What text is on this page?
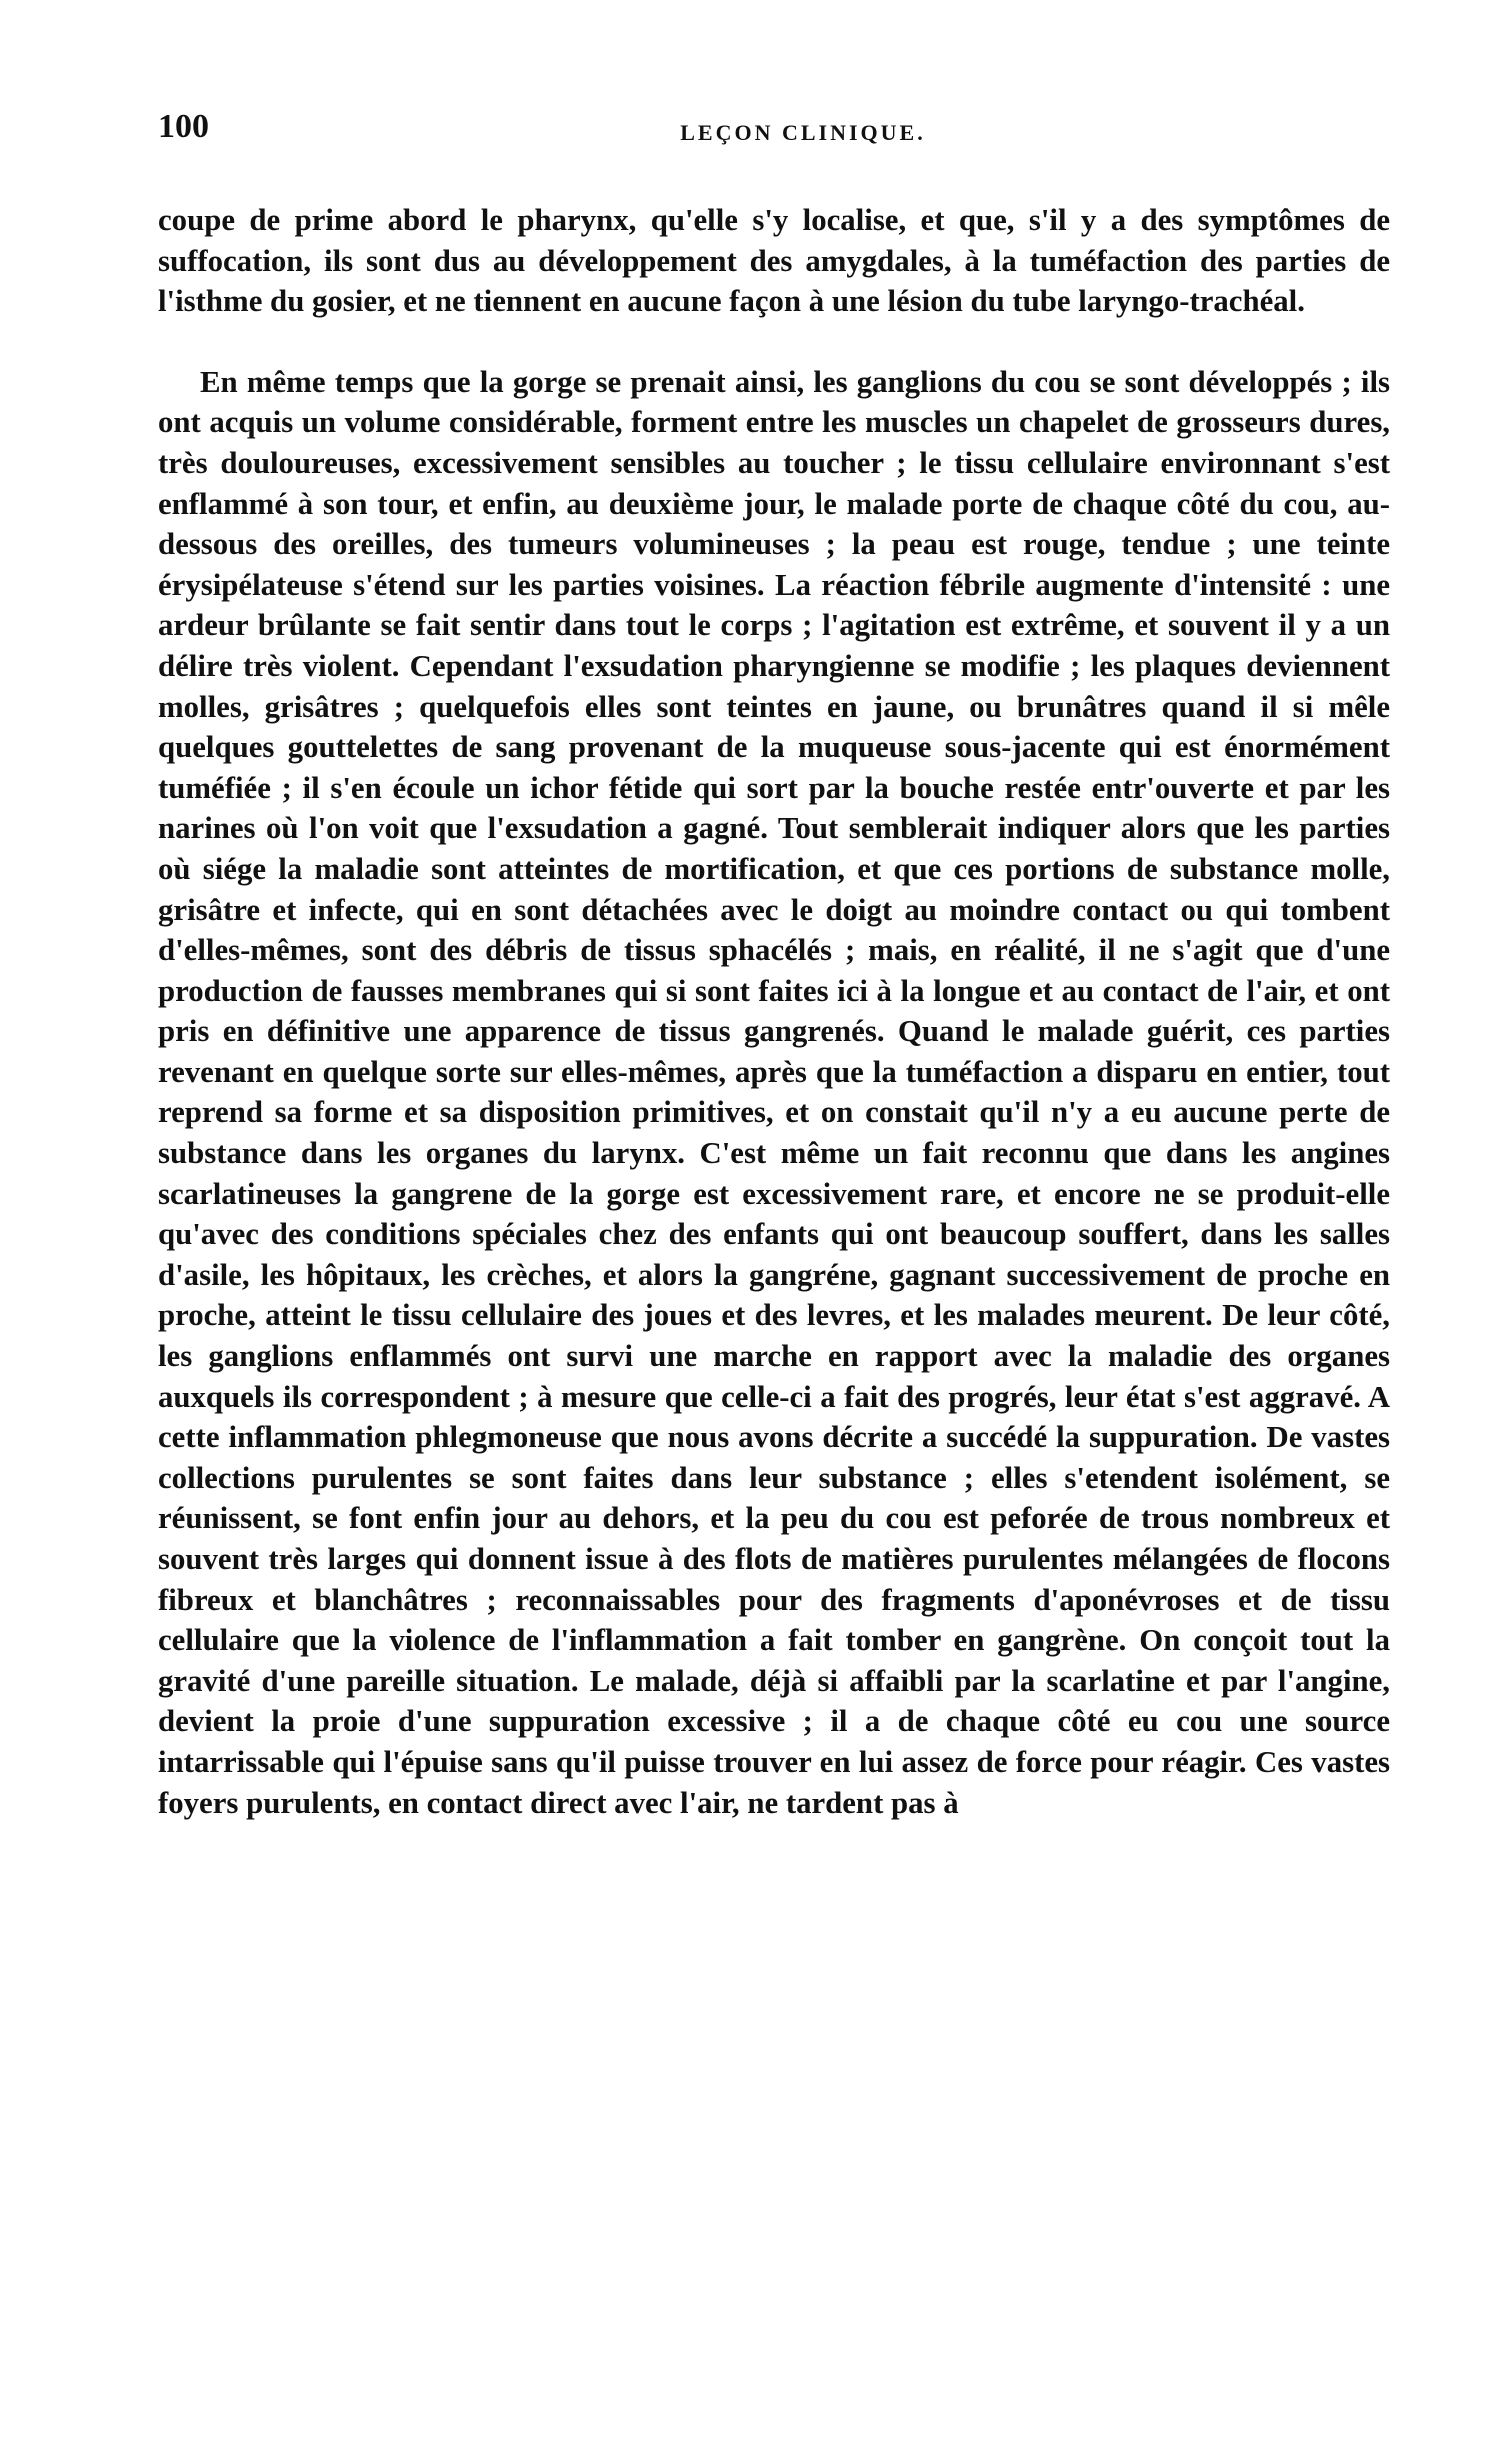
100	LEÇON CLINIQUE.

coupe de prime abord le pharynx, qu'elle s'y localise, et que, s'il y a des symptômes de suffocation, ils sont dus au développement des amygdales, à la tuméfaction des parties de l'isthme du gosier, et ne tiennent en aucune façon à une lésion du tube laryngo-trachéal.

En même temps que la gorge se prenait ainsi, les ganglions du cou se sont développés ; ils ont acquis un volume considérable, forment entre les muscles un chapelet de grosseurs dures, très douloureuses, excessivement sensibles au toucher ; le tissu cellulaire environnant s'est enflammé à son tour, et enfin, au deuxième jour, le malade porte de chaque côté du cou, au-dessous des oreilles, des tumeurs volumineuses ; la peau est rouge, tendue ; une teinte érysipélateuse s'étend sur les parties voisines. La réaction fébrile augmente d'intensité : une ardeur brûlante se fait sentir dans tout le corps ; l'agitation est extrême, et souvent il y a un délire très violent. Cependant l'exsudation pharyngienne se modifie ; les plaques deviennent molles, grisâtres ; quelquefois elles sont teintes en jaune, ou brunâtres quand il si mêle quelques gouttelettes de sang provenant de la muqueuse sous-jacente qui est énormément tuméfiée ; il s'en écoule un ichor fétide qui sort par la bouche restée entr'ouverte et par les narines où l'on voit que l'exsudation a gagné. Tout semblerait indiquer alors que les parties où siége la maladie sont atteintes de mortification, et que ces portions de substance molle, grisâtre et infecte, qui en sont détachées avec le doigt au moindre contact ou qui tombent d'elles-mêmes, sont des débris de tissus sphacélés ; mais, en réalité, il ne s'agit que d'une production de fausses membranes qui si sont faites ici à la longue et au contact de l'air, et ont pris en définitive une apparence de tissus gangrenés. Quand le malade guérit, ces parties revenant en quelque sorte sur elles-mêmes, après que la tuméfaction a disparu en entier, tout reprend sa forme et sa disposition primitives, et on constait qu'il n'y a eu aucune perte de substance dans les organes du larynx. C'est même un fait reconnu que dans les angines scarlatineuses la gangrene de la gorge est excessivement rare, et encore ne se produit-elle qu'avec des conditions spéciales chez des enfants qui ont beaucoup souffert, dans les salles d'asile, les hôpitaux, les crèches, et alors la gangréne, gagnant successivement de proche en proche, atteint le tissu cellulaire des joues et des levres, et les malades meurent. De leur côté, les ganglions enflammés ont survi une marche en rapport avec la maladie des organes auxquels ils correspondent ; à mesure que celle-ci a fait des progrés, leur état s'est aggravé. A cette inflammation phlegmoneuse que nous avons décrite a succédé la suppuration. De vastes collections purulentes se sont faites dans leur substance ; elles s'etendent isolément, se réunissent, se font enfin jour au dehors, et la peu du cou est peforée de trous nombreux et souvent très larges qui donnent issue à des flots de matières purulentes mélangées de flocons fibreux et blanchâtres ; reconnaissables pour des fragments d'aponévroses et de tissu cellulaire que la violence de l'inflammation a fait tomber en gangrène. On conçoit tout la gravité d'une pareille situation. Le malade, déjà si affaibli par la scarlatine et par l'angine, devient la proie d'une suppuration excessive ; il a de chaque côté eu cou une source intarrissable qui l'épuise sans qu'il puisse trouver en lui assez de force pour réagir. Ces vastes foyers purulents, en contact direct avec l'air, ne tardent pas à
